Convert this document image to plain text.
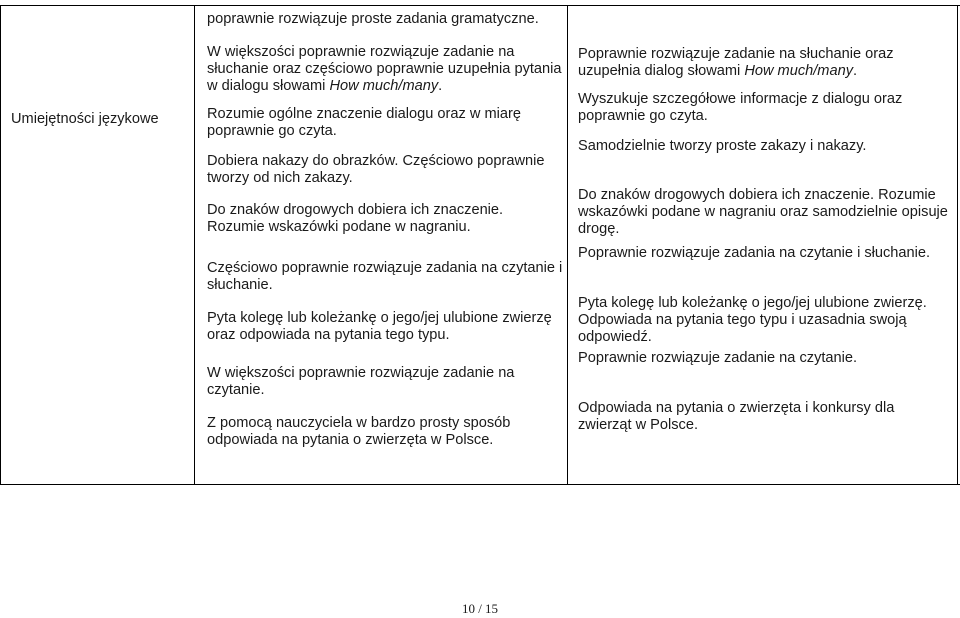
Umiejętności językowe

poprawnie rozwiązuje proste zadania gramatyczne.

W większości poprawnie rozwiązuje zadanie na słuchanie oraz częściowo poprawnie uzupełnia pytania w dialogu słowami How much/many.

Rozumie ogólne znaczenie dialogu oraz w miarę poprawnie go czyta.

Dobiera nakazy do obrazków. Częściowo poprawnie tworzy od nich zakazy.

Do znaków drogowych dobiera ich znaczenie. Rozumie wskazówki podane w nagraniu.

Częściowo poprawnie rozwiązuje zadania na czytanie i słuchanie.

Pyta kolegę lub koleżankę o jego/jej ulubione zwierzę oraz odpowiada na pytania tego typu.

W większości poprawnie rozwiązuje zadanie na czytanie.

Z pomocą nauczyciela w bardzo prosty sposób odpowiada na pytania o zwierzęta w Polsce.

Poprawnie rozwiązuje zadanie na słuchanie oraz uzupełnia dialog słowami How much/many.

Wyszukuje szczegółowe informacje z dialogu oraz poprawnie go czyta.

Samodzielnie tworzy proste zakazy i nakazy.

Do znaków drogowych dobiera ich znaczenie. Rozumie wskazówki podane w nagraniu oraz samodzielnie opisuje drogę.

Poprawnie rozwiązuje zadania na czytanie i słuchanie.

Pyta kolegę lub koleżankę o jego/jej ulubione zwierzę. Odpowiada na pytania tego typu i uzasadnia swoją odpowiedź.

Poprawnie rozwiązuje zadanie na czytanie.

Odpowiada na pytania o zwierzęta i konkursy dla zwierząt w Polsce.

10 / 15
